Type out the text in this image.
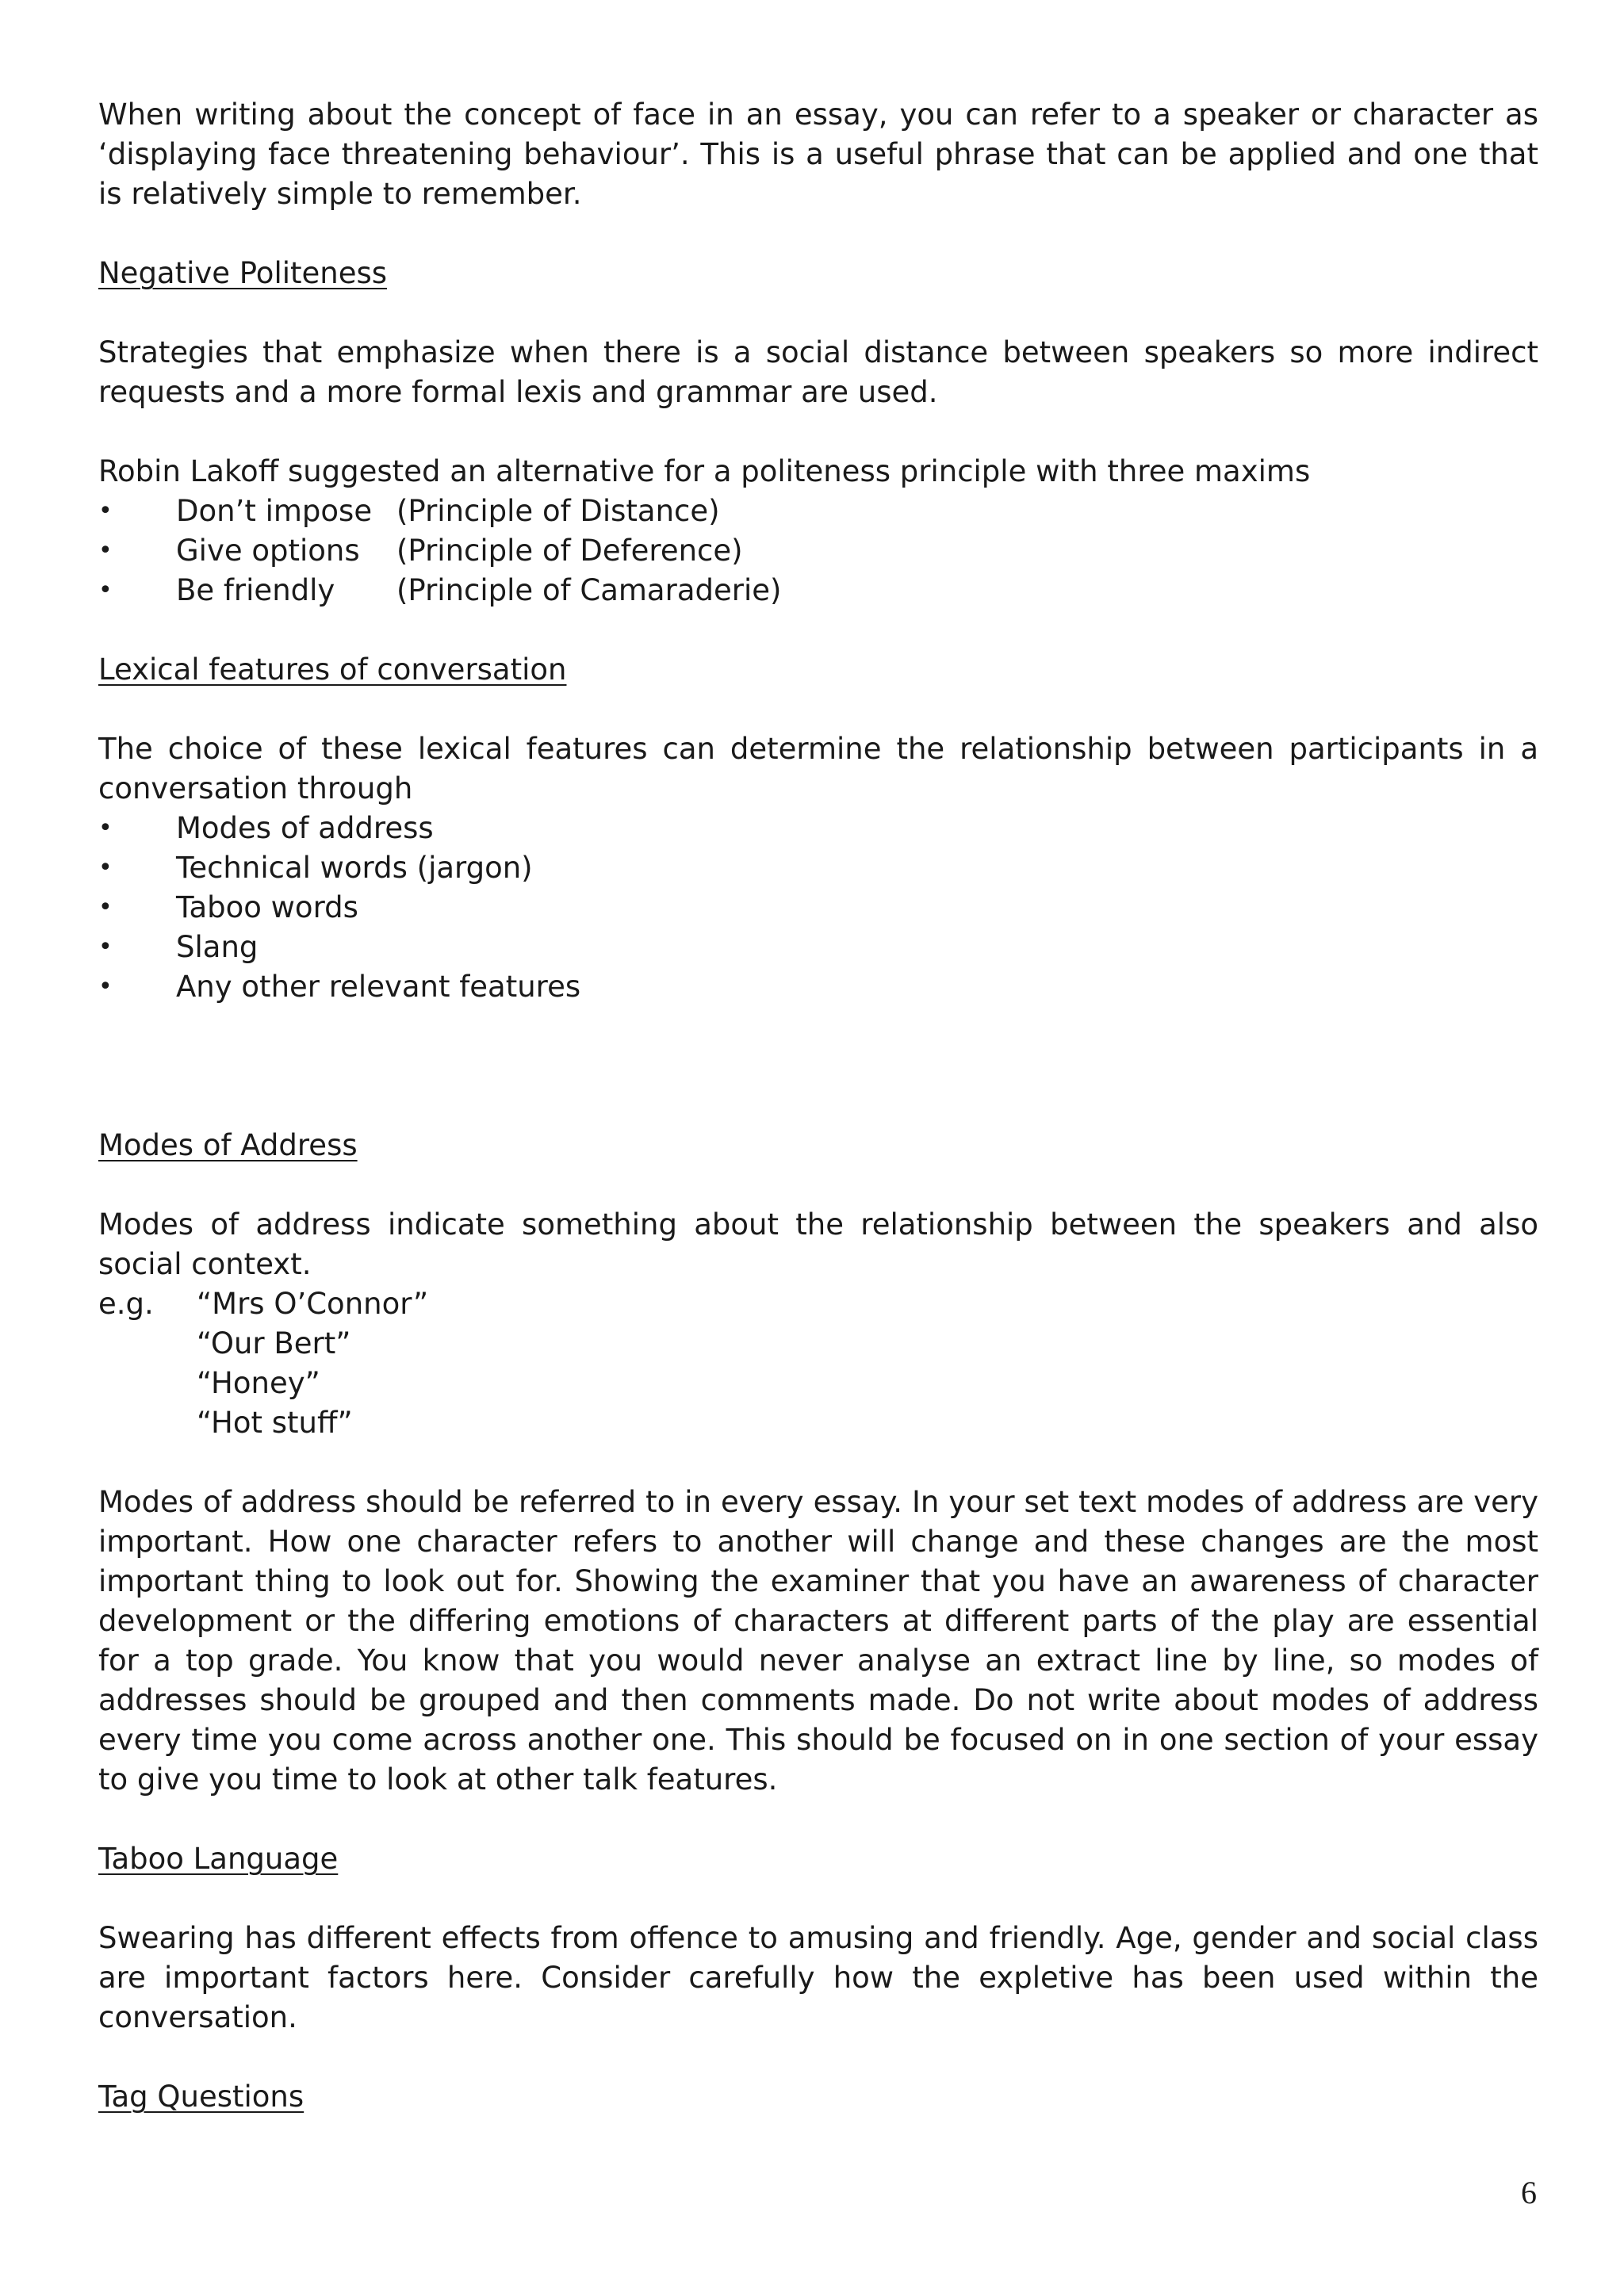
When writing about the concept of face in an essay, you can refer to a speaker or character as ‘displaying face threatening behaviour’. This is a useful phrase that can be applied and one that is relatively simple to remember.

Negative Politeness

Strategies that emphasize when there is a social distance between speakers so more indirect requests and a more formal lexis and grammar are used.

Robin Lakoff suggested an alternative for a politeness principle with three maxims

•	Don’t impose (Principle of Distance)
•	Give options	(Principle of Deference)
•	Be friendly	(Principle of Camaraderie)

Lexical features of conversation

The choice of these lexical features can determine the relationship between participants in a conversation through

•	Modes of address
•	Technical words (jargon)
•	Taboo words
•	Slang
•	Any other relevant features

Modes of Address

Modes of address indicate something about the relationship between the speakers and also social context.

e.g.	“Mrs O’Connor”
“Our Bert”
“Honey”
“Hot stuff”

Modes of address should be referred to in every essay. In your set text modes of address are very important. How one character refers to another will change and these changes are the most important thing to look out for. Showing the examiner that you have an awareness of character development or the differing emotions of characters at different parts of the play are essential for a top grade. You know that you would never analyse an extract line by line, so modes of addresses should be grouped and then comments made. Do not write about modes of address every time you come across another one. This should be focused on in one section of your essay to give you time to look at other talk features.

Taboo Language

Swearing has different effects from offence to amusing and friendly. Age, gender and social class are important factors here. Consider carefully how the expletive has been used within the conversation.

Tag Questions

6
